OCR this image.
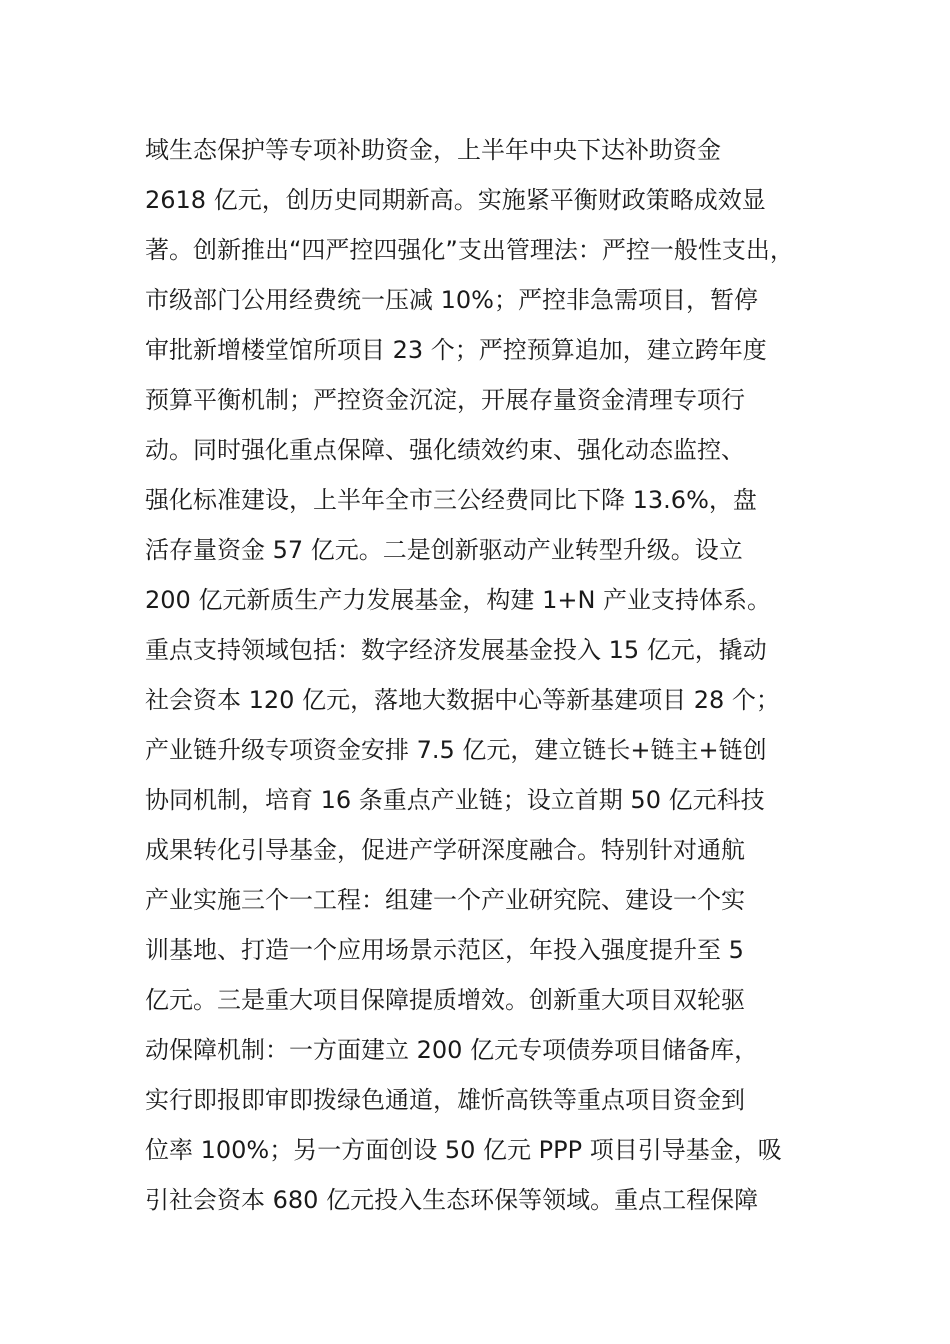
域生态保护等专项补助资金，上半年中央下达补助资金
2618 亿元，创历史同期新高。实施紧平衡财政策略成效显
著。创新推出“四严控四强化”支出管理法：严控一般性支出，
市级部门公用经费统一压减 10%；严控非急需项目，暂停
审批新增楼堂馆所项目 23 个；严控预算追加，建立跨年度
预算平衡机制；严控资金沉淀，开展存量资金清理专项行
动。同时强化重点保障、强化绩效约束、强化动态监控、
强化标准建设，上半年全市三公经费同比下降 13.6%，盘
活存量资金 57 亿元。二是创新驱动产业转型升级。设立
200 亿元新质生产力发展基金，构建 1+N 产业支持体系。
重点支持领域包括：数字经济发展基金投入 15 亿元，撬动
社会资本 120 亿元，落地大数据中心等新基建项目 28 个；
产业链升级专项资金安排 7.5 亿元，建立链长+链主+链创
协同机制，培育 16 条重点产业链；设立首期 50 亿元科技
成果转化引导基金，促进产学研深度融合。特别针对通航
产业实施三个一工程：组建一个产业研究院、建设一个实
训基地、打造一个应用场景示范区，年投入强度提升至 5
亿元。三是重大项目保障提质增效。创新重大项目双轮驱
动保障机制：一方面建立 200 亿元专项债券项目储备库，
实行即报即审即拨绿色通道，雄忻高铁等重点项目资金到
位率 100%；另一方面创设 50 亿元 PPP 项目引导基金，吸
引社会资本 680 亿元投入生态环保等领域。重点工程保障
